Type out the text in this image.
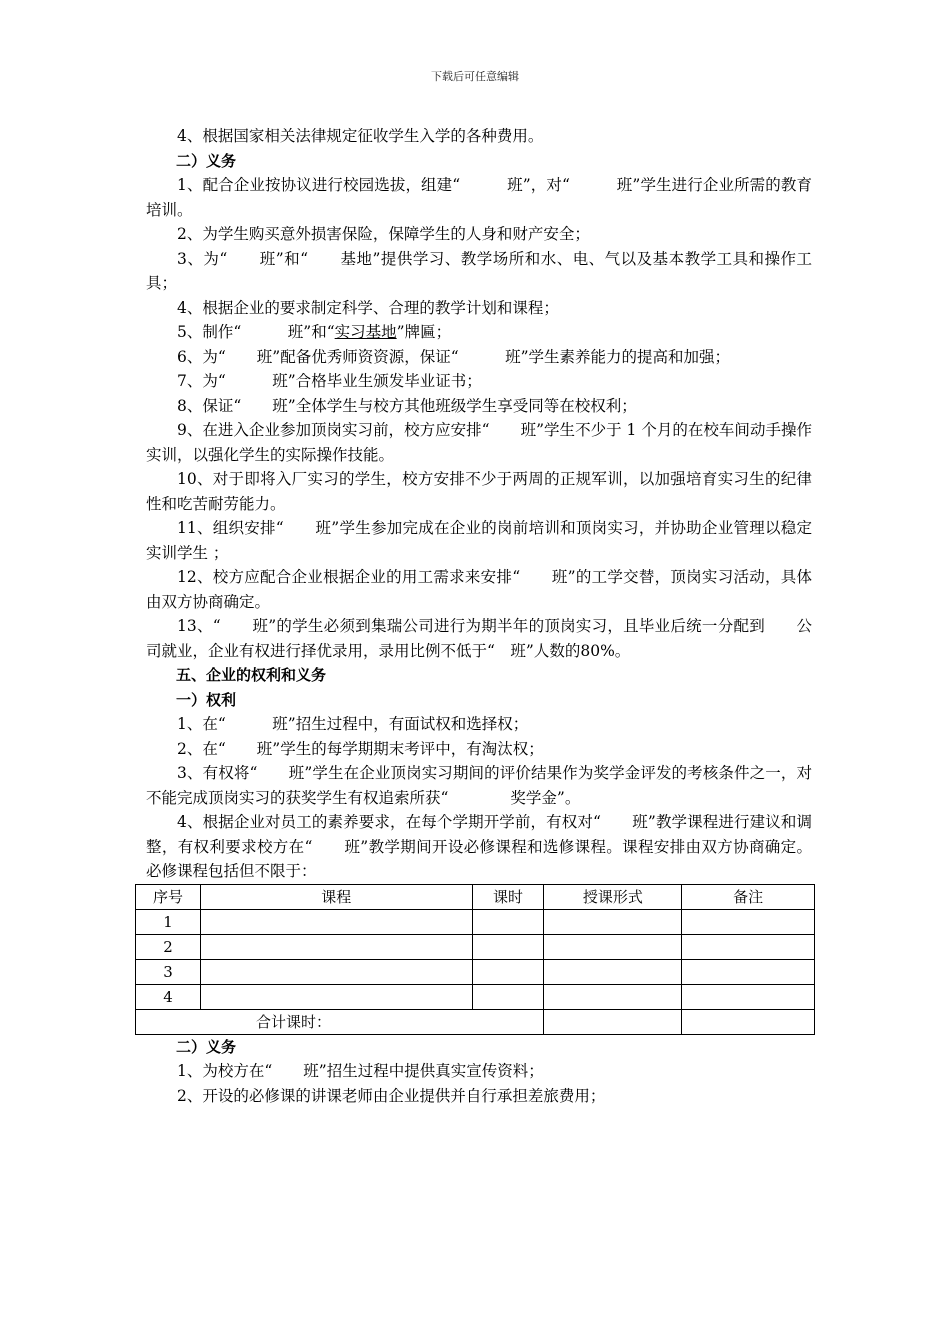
下载后可任意编辑

4、根据国家相关法律规定征收学生入学的各种费用。

二）义务

1、配合企业按协议进行校园选拔，组建“　　　班”，对“　　　班”学生进行企业所需的教育培训。

2、为学生购买意外损害保险，保障学生的人身和财产安全；

3、为“　　班”和“　　基地”提供学习、教学场所和水、电、气以及基本教学工具和操作工具；

4、根据企业的要求制定科学、合理的教学计划和课程；

5、制作“　　　班”和“实习基地”牌匾；

6、为“　　班”配备优秀师资资源，保证“　　　班”学生素养能力的提高和加强；

7、为“　　　班”合格毕业生颁发毕业证书；

8、保证“　　班”全体学生与校方其他班级学生享受同等在校权利；

9、在进入企业参加顶岗实习前，校方应安排“　　班”学生不少于 1 个月的在校车间动手操作实训，以强化学生的实际操作技能。

10、对于即将入厂实习的学生，校方安排不少于两周的正规军训，以加强培育实习生的纪律性和吃苦耐劳能力。

11、组织安排“　　班”学生参加完成在企业的岗前培训和顶岗实习，并协助企业管理以稳定实训学生 ；

12、校方应配合企业根据企业的用工需求来安排“　　班”的工学交替，顶岗实习活动，具体由双方协商确定。

13、“　　班”的学生必须到集瑞公司进行为期半年的顶岗实习，且毕业后统一分配到　　公司就业，企业有权进行择优录用，录用比例不低于“　班”人数的80%。

五、企业的权利和义务

一）权利

1、在“　　　班”招生过程中，有面试权和选择权；

2、在“　　班”学生的每学期期末考评中，有淘汰权；

3、有权将“　　班”学生在企业顶岗实习期间的评价结果作为奖学金评发的考核条件之一，对不能完成顶岗实习的获奖学生有权追索所获“　　　　奖学金”。

4、根据企业对员工的素养要求，在每个学期开学前，有权对“　　班”教学课程进行建议和调整，有权利要求校方在“　　班”教学期间开设必修课程和选修课程。课程安排由双方协商确定。必修课程包括但不限于：

序号	课程	课时	授课形式	备注
1				
2				
3				
4				
合计课时：				

二）义务

1、为校方在“　　班”招生过程中提供真实宣传资料；

2、开设的必修课的讲课老师由企业提供并自行承担差旅费用；
